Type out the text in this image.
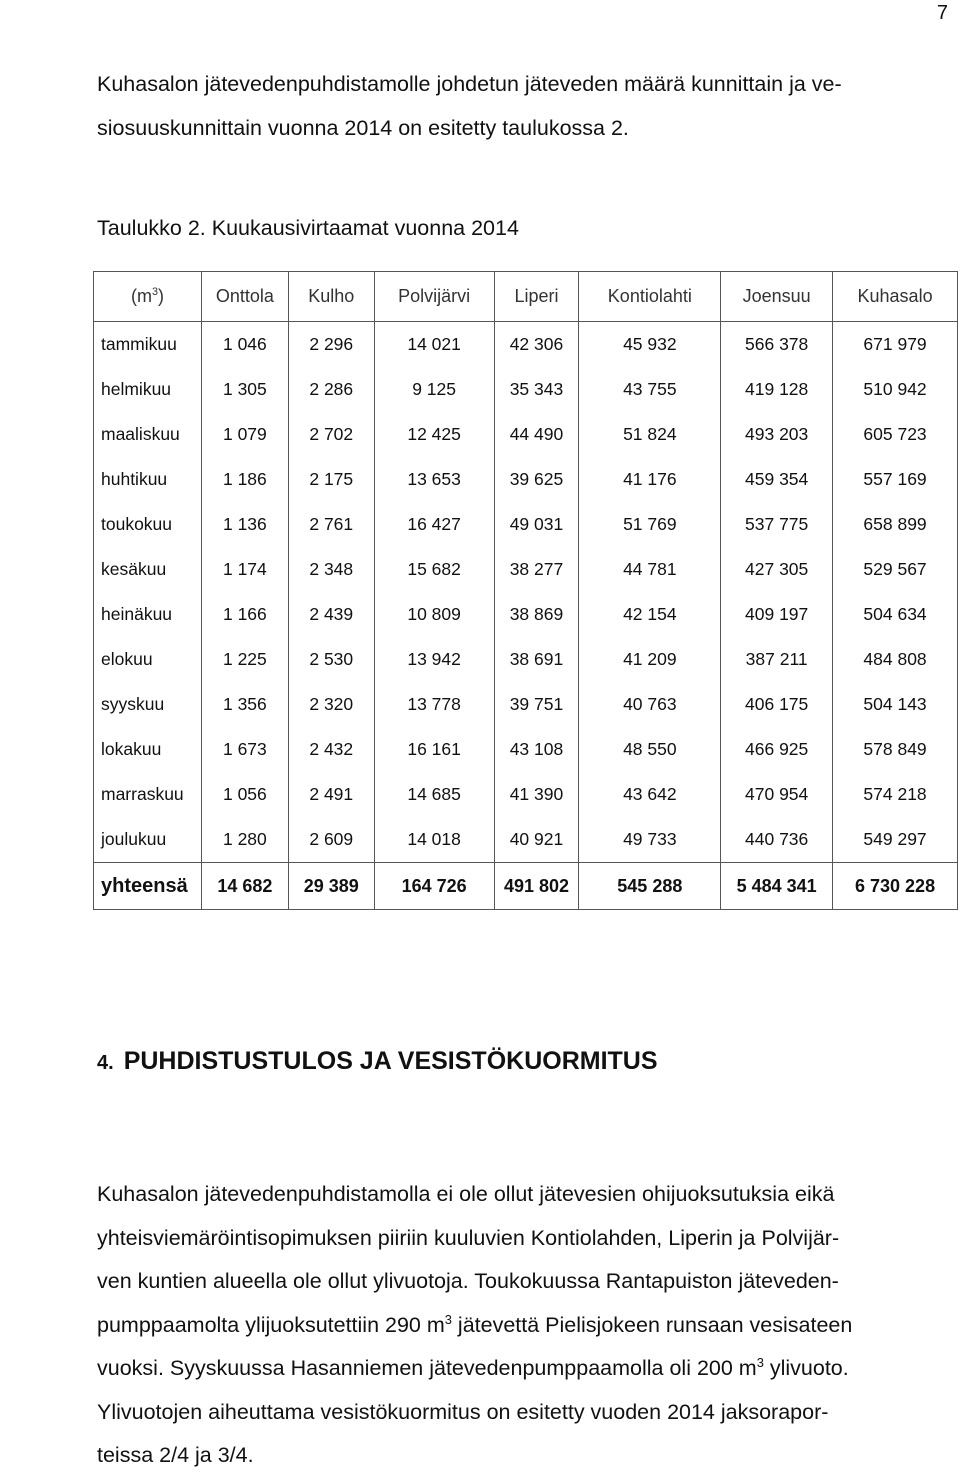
7
Kuhasalon jätevedenpuhdistamolle johdetun jäteveden määrä kunnittain ja ve-
siosuuskunnittain vuonna 2014 on esitetty taulukossa 2.
Taulukko 2. Kuukausivirtaamat vuonna 2014
$(m^3)$	Onttola	Kulho	Polvijärvi	Liperi	Kontiolahti	Joensuu	Kuhasalo
tammikuu	1 046	2 296	14 021	42 306	45 932	566 378	671 979
helmikuu	1 305	2 286	9 125	35 343	43 755	419 128	510 942
maaliskuu	1 079	2 702	12 425	44 490	51 824	493 203	605 723
huhtikuu	1 186	2 175	13 653	39 625	41 176	459 354	557 169
toukokuu	1 136	2 761	16 427	49 031	51 769	537 775	658 899
kesäkuu	1 174	2 348	15 682	38 277	44 781	427 305	529 567
heinäkuu	1 166	2 439	10 809	38 869	42 154	409 197	504 634
elokuu	1 225	2 530	13 942	38 691	41 209	387 211	484 808
syyskuu	1 356	2 320	13 778	39 751	40 763	406 175	504 143
lokakuu	1 673	2 432	16 161	43 108	48 550	466 925	578 849
marraskuu	1 056	2 491	14 685	41 390	43 642	470 954	574 218
joulukuu	1 280	2 609	14 018	40 921	49 733	440 736	549 297
yhteensä	14 682	29 389	164 726	491 802	545 288	5 484 341	6 730 228
4. PUHDISTUSTULOS JA VESISTÖKUORMITUS
Kuhasalon jätevedenpuhdistamolla ei ole ollut jätevesien ohijuoksutuksia eikä
yhteisviemäröintisopimuksen piiriin kuuluvien Kontiolahden, Liperin ja Polvijär-
ven kuntien alueella ole ollut ylivuotoja. Toukokuussa Rantapuiston jäteveden-
pumppaamolta ylijuoksutettiin 290 $m^3$ jätevettä Pielisjokeen runsaan vesisateen
vuoksi. Syyskuussa Hasanniemen jätevedenpumppaamolla oli 200 $m^3$ ylivuoto.
Ylivuotojen aiheuttama vesistökuormitus on esitetty vuoden 2014 jaksorapor-
teissa 2/4 ja 3/4.
